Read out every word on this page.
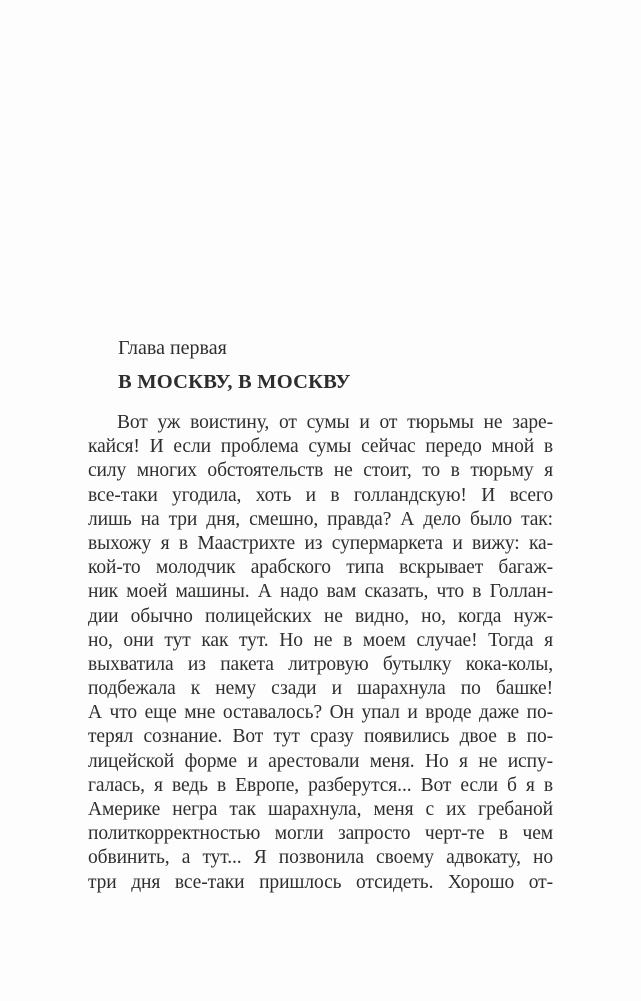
Глава первая
В МОСКВУ, В МОСКВУ
Вот уж воистину, от сумы и от тюрьмы не заре-
кайся! И если проблема сумы сейчас передо мной в
силу многих обстоятельств не стоит, то в тюрьму я
все-таки угодила, хоть и в голландскую! И всего
лишь на три дня, смешно, правда? А дело было так:
выхожу я в Маастрихте из супермаркета и вижу: ка-
кой-то молодчик арабского типа вскрывает багаж-
ник моей машины. А надо вам сказать, что в Голлан-
дии обычно полицейских не видно, но, когда нуж-
но, они тут как тут. Но не в моем случае! Тогда я
выхватила из пакета литровую бутылку кока-колы,
подбежала к нему сзади и шарахнула по башке!
А что еще мне оставалось? Он упал и вроде даже по-
терял сознание. Вот тут сразу появились двое в по-
лицейской форме и арестовали меня. Но я не испу-
галась, я ведь в Европе, разберутся... Вот если б я в
Америке негра так шарахнула, меня с их гребаной
политкорректностью могли запросто черт-те в чем
обвинить, а тут... Я позвонила своему адвокату, но
три дня все-таки пришлось отсидеть. Хорошо от-
